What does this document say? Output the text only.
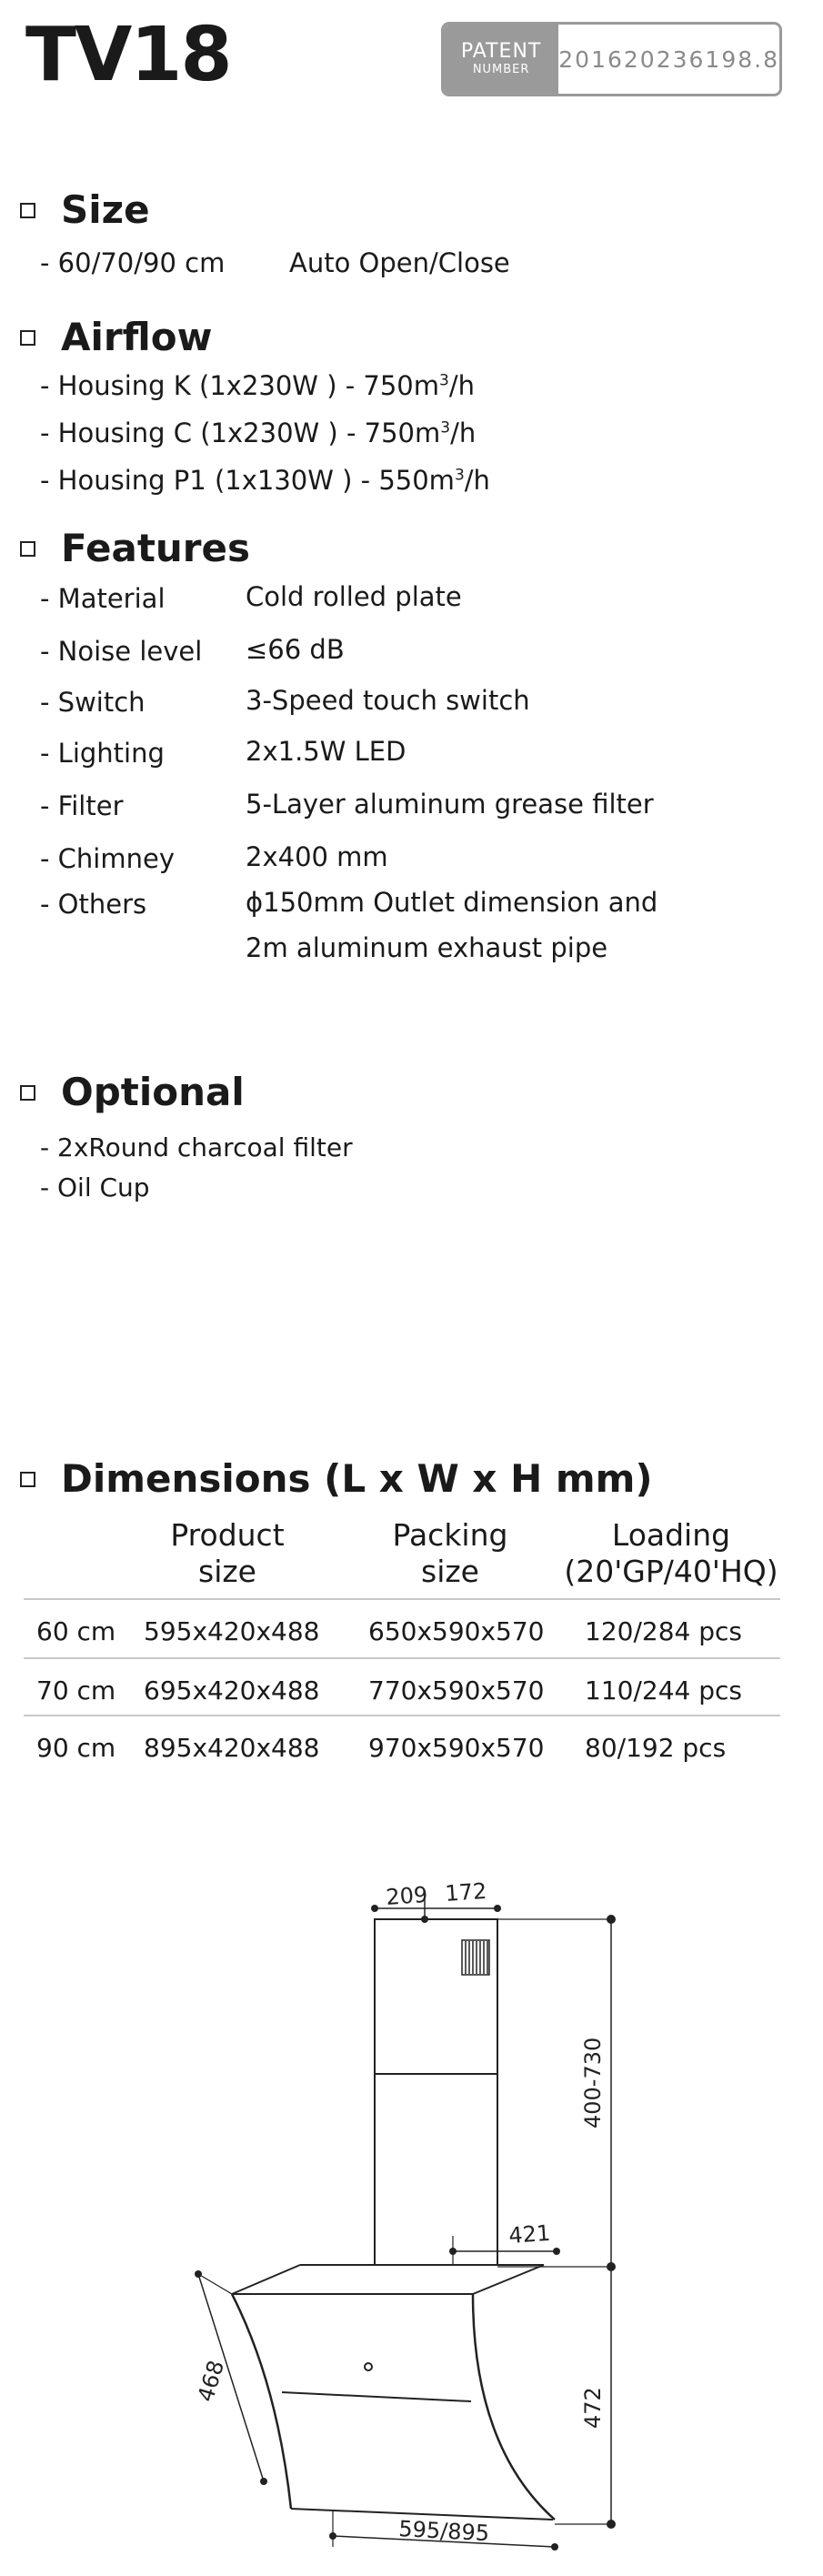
TV18	PATENT
NUMBER 201620236198.8
Size
- 60/70/90 cm Auto Open/Close
Airflow
- Housing K (1x230W ) - $750m^3/h$
- Housing C (1x230W ) - $750m^3/h$
- Housing P1 (1x130W ) - $550m^3/h$
Features
- Material	Cold rolled plate
- Noise level ≤66 dB
- Switch	3-Speed touch switch
- Lighting	2x1.5W LED
- Filter	5-Layer aluminum grease filter
- Chimney	2x400 mm
- Others	ϕ150mm Outlet dimension and
2m aluminum exhaust pipe
Optional
- 2xRound charcoal filter
- Oil Cup
Dimensions (L x W x H mm)
Product
size
Packing
size
Loading
(20'GP/40'HQ)
60 cm 595x420x488 650x590x570 120/284 pcs
70 cm 695x420x488 770x590x570 110/244 pcs
90 cm 895x420x488 970x590x570 80/192 pcs
209 172
400-730
421
472
468
595/895
